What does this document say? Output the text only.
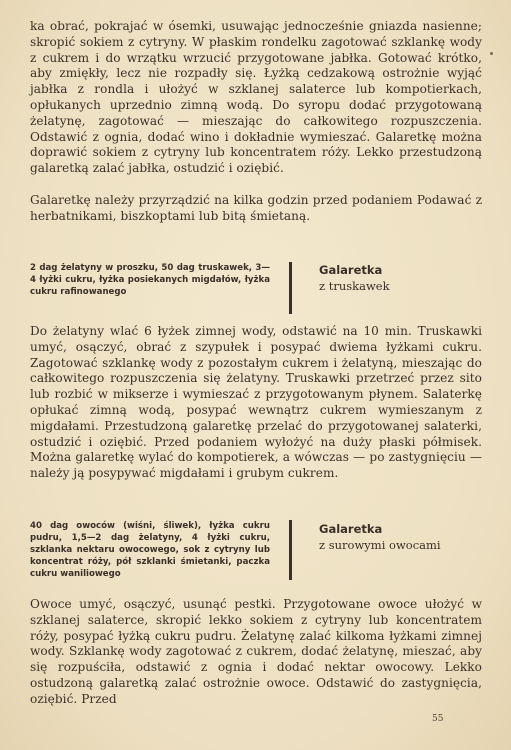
ka obrać, pokrajać w ósemki, usuwając jednocześnie gniazda nasienne; skropić sokiem z cytryny. W płaskim rondelku zagotować szklankę wody z cukrem i do wrzątku wrzucić przygotowane jabłka. Gotować krótko, aby zmiękły, lecz nie rozpadły się. Łyżką cedzakową ostrożnie wyjąć jabłka z rondla i ułożyć w szklanej salaterce lub kompotierkach, opłukanych uprzednio zimną wodą. Do syropu dodać przygotowaną żelatynę, zagotować — mieszając do całkowitego rozpuszczenia. Odstawić z ognia, dodać wino i dokładnie wymieszać. Galaretkę można doprawić sokiem z cytryny lub koncentratem róży. Lekko przestudzoną galaretką zalać jabłka, ostudzić i oziębić.

Galaretkę należy przyrządzić na kilka godzin przed podaniem Podawać z herbatnikami, biszkoptami lub bitą śmietaną.

2 dag żelatyny w proszku, 50 dag truskawek, 3—4 łyżki cukru, łyżka posiekanych migdałów, łyżka cukru rafinowanego
Galaretka
z truskawek

Do żelatyny wlać 6 łyżek zimnej wody, odstawić na 10 min. Truskawki umyć, osączyć, obrać z szypułek i posypać dwiema łyżkami cukru. Zagotować szklankę wody z pozostałym cukrem i żelatyną, mieszając do całkowitego rozpuszczenia się żelatyny. Truskawki przetrzeć przez sito lub rozbić w mikserze i wymieszać z przygotowanym płynem. Salaterkę opłukać zimną wodą, posypać wewnątrz cukrem wymieszanym z migdałami. Przestudzoną galaretkę przelać do przygotowanej salaterki, ostudzić i oziębić. Przed podaniem wyłożyć na duży płaski półmisek. Można galaretkę wylać do kompotierek, a wówczas — po zastygnięciu — należy ją posypywać migdałami i grubym cukrem.

40 dag owoców (wiśni, śliwek), łyżka cukru pudru, 1,5—2 dag żelatyny, 4 łyżki cukru, szklanka nektaru owocowego, sok z cytryny lub koncentrat róży, pół szklanki śmietanki, paczka cukru waniliowego
Galaretka
z surowymi owocami

Owoce umyć, osączyć, usunąć pestki. Przygotowane owoce ułożyć w szklanej salaterce, skropić lekko sokiem z cytryny lub koncentratem róży, posypać łyżką cukru pudru. Żelatynę zalać kilkoma łyżkami zimnej wody. Szklankę wody zagotować z cukrem, dodać żelatynę, mieszać, aby się rozpuściła, odstawić z ognia i dodać nektar owocowy. Lekko ostudzoną galaretką zalać ostrożnie owoce. Odstawić do zastygnięcia, oziębić. Przed

55
